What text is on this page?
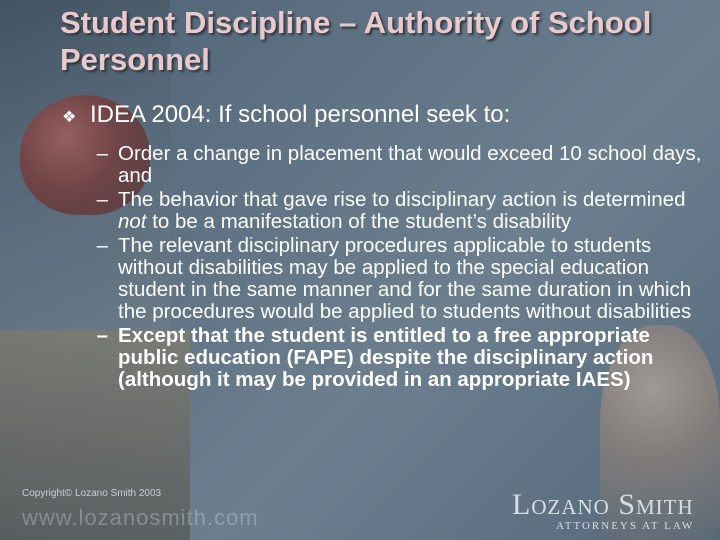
Student Discipline – Authority of School Personnel
❖ IDEA 2004: If school personnel seek to:
– Order a change in placement that would exceed 10 school days, and
– The behavior that gave rise to disciplinary action is determined not to be a manifestation of the student’s disability
– The relevant disciplinary procedures applicable to students without disabilities may be applied to the special education student in the same manner and for the same duration in which the procedures would be applied to students without disabilities
– Except that the student is entitled to a free appropriate public education (FAPE) despite the disciplinary action (although it may be provided in an appropriate IAES)
Copyright© Lozano Smith 2003
www.lozanosmith.com	Lozano Smith
ATTORNEYS AT LAW
